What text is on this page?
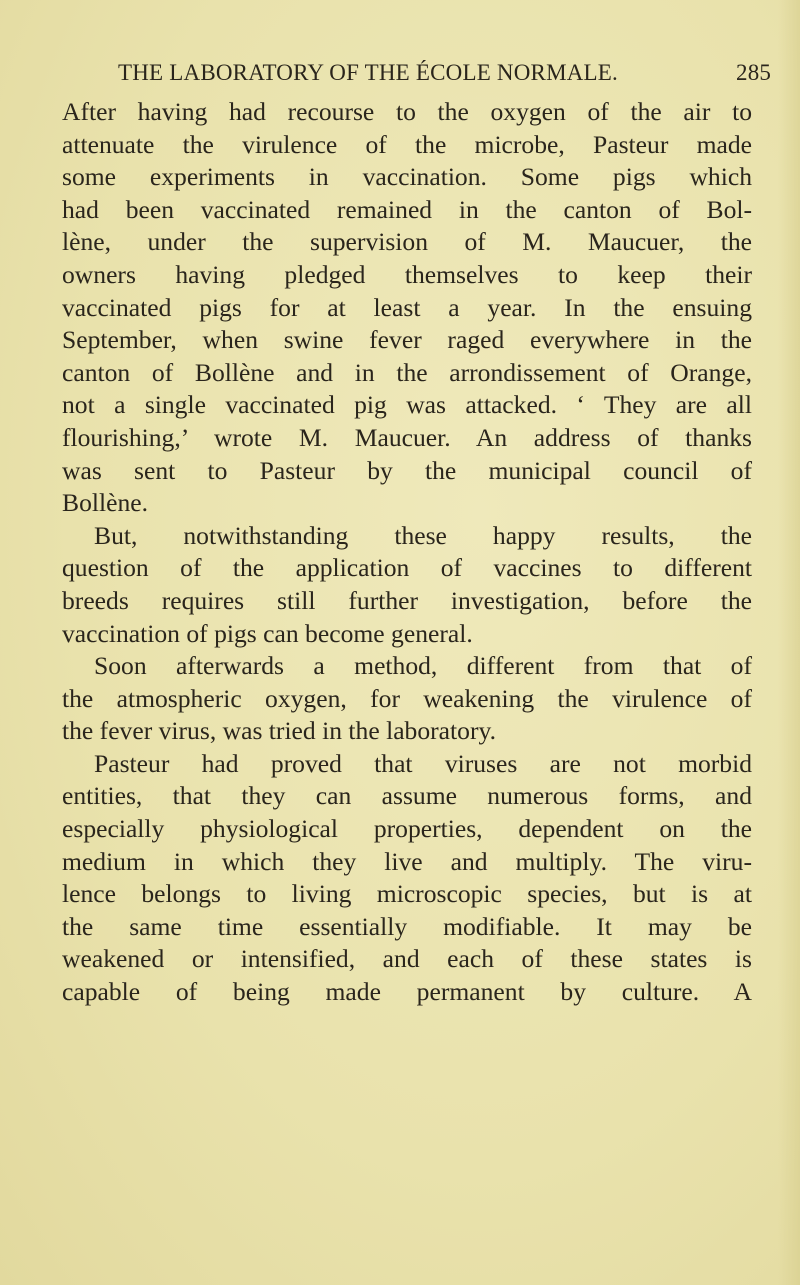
THE LABORATORY OF THE ÉCOLE NORMALE.	285
After having had recourse to the oxygen of the air to
attenuate the virulence of the microbe, Pasteur made
some experiments in vaccination. Some pigs which
had been vaccinated remained in the canton of Bol-
lène, under the supervision of M. Maucuer, the
owners having pledged themselves to keep their
vaccinated pigs for at least a year. In the ensuing
September, when swine fever raged everywhere in the
canton of Bollène and in the arrondissement of Orange,
not a single vaccinated pig was attacked. ‘ They are all
flourishing,’ wrote M. Maucuer. An address of thanks
was sent to Pasteur by the municipal council of
Bollène.
But, notwithstanding these happy results, the
question of the application of vaccines to different
breeds requires still further investigation, before the
vaccination of pigs can become general.
Soon afterwards a method, different from that of
the atmospheric oxygen, for weakening the virulence of
the fever virus, was tried in the laboratory.
Pasteur had proved that viruses are not morbid
entities, that they can assume numerous forms, and
especially physiological properties, dependent on the
medium in which they live and multiply. The viru-
lence belongs to living microscopic species, but is at
the same time essentially modifiable. It may be
weakened or intensified, and each of these states is
capable of being made permanent by culture. A
